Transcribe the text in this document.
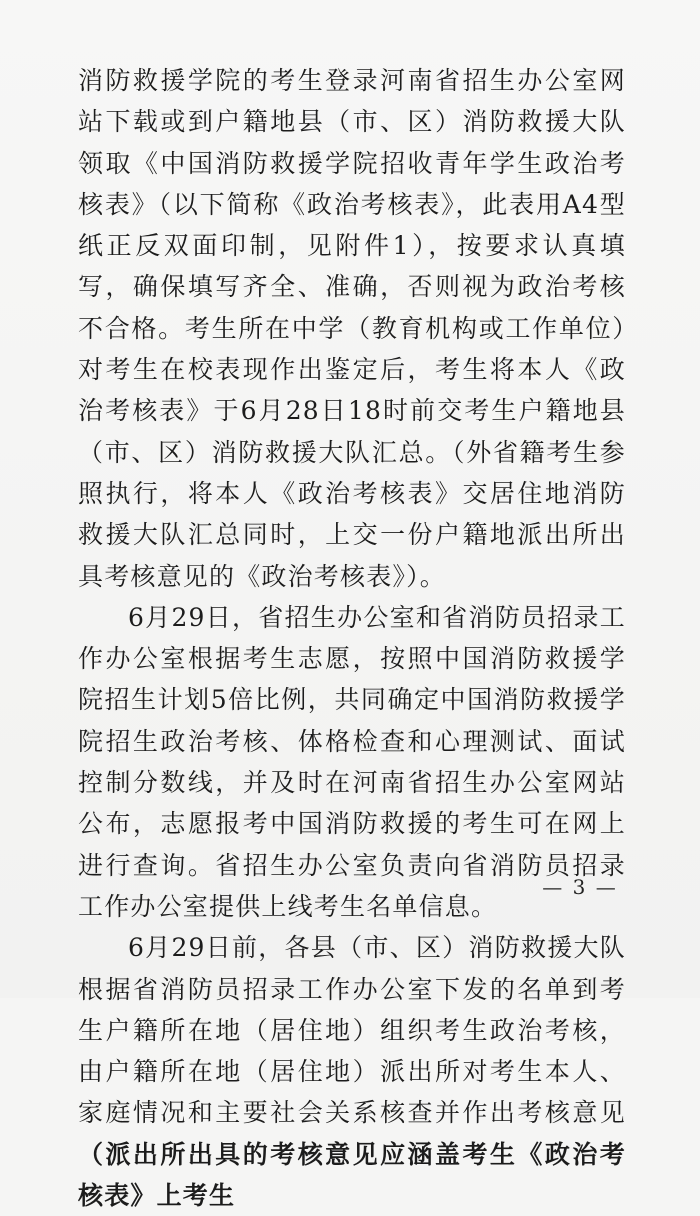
消防救援学院的考生登录河南省招生办公室网站下载或到户籍地县（市、区）消防救援大队领取《中国消防救援学院招收青年学生政治考核表》（以下简称《政治考核表》，此表用A4型纸正反双面印制，见附件1），按要求认真填写，确保填写齐全、准确，否则视为政治考核不合格。考生所在中学（教育机构或工作单位）对考生在校表现作出鉴定后，考生将本人《政治考核表》于6月28日18时前交考生户籍地县（市、区）消防救援大队汇总。（外省籍考生参照执行，将本人《政治考核表》交居住地消防救援大队汇总同时，上交一份户籍地派出所出具考核意见的《政治考核表》）。

6月29日，省招生办公室和省消防员招录工作办公室根据考生志愿，按照中国消防救援学院招生计划5倍比例，共同确定中国消防救援学院招生政治考核、体格检查和心理测试、面试控制分数线，并及时在河南省招生办公室网站公布，志愿报考中国消防救援的考生可在网上进行查询。省招生办公室负责向省消防员招录工作办公室提供上线考生名单信息。

6月29日前，各县（市、区）消防救援大队根据省消防员招录工作办公室下发的名单到考生户籍所在地（居住地）组织考生政治考核，由户籍所在地（居住地）派出所对考生本人、家庭情况和主要社会关系核查并作出考核意见（派出所出具的考核意见应涵盖考生《政治考核表》上考生

— 3 —
